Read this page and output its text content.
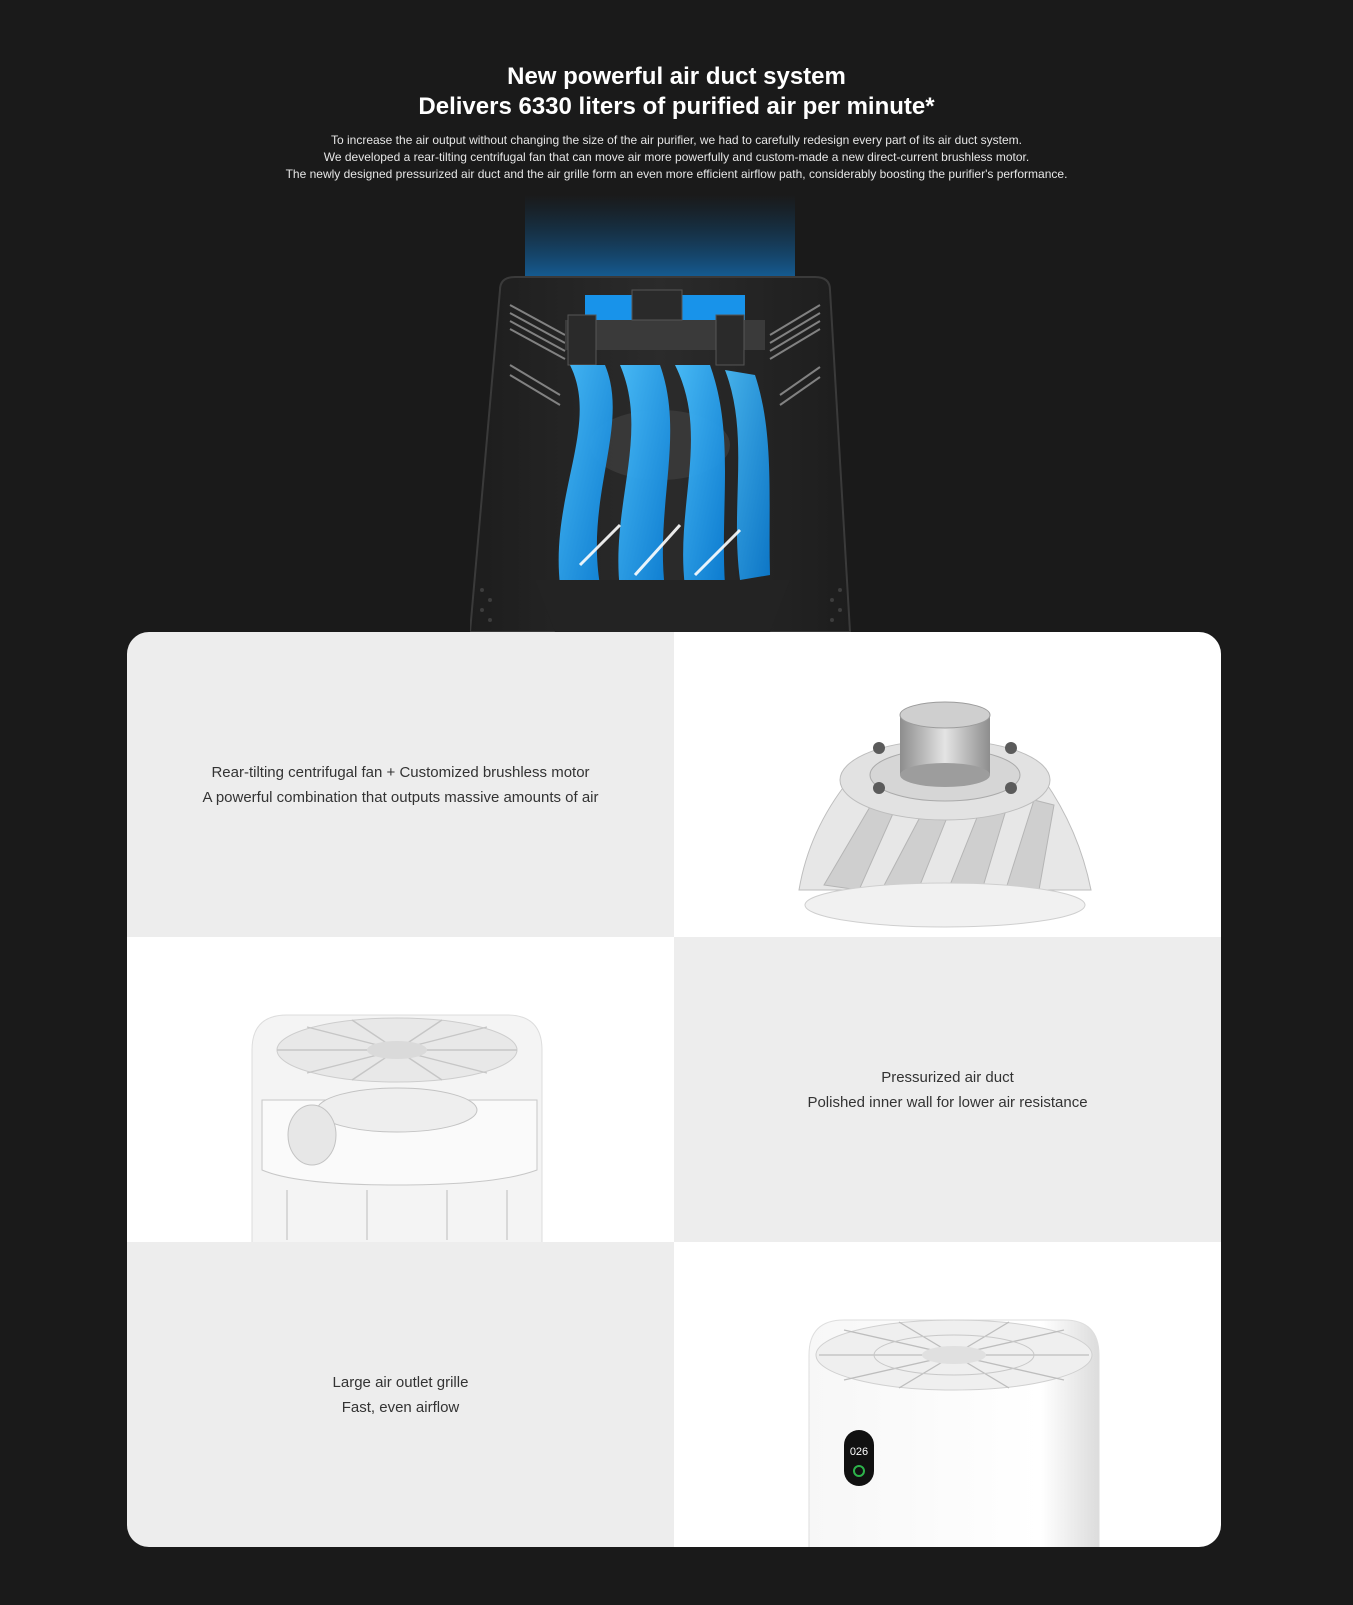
New powerful air duct system
Delivers 6330 liters of purified air per minute*

To increase the air output without changing the size of the air purifier, we had to carefully redesign every part of its air duct system.

We developed a rear-tilting centrifugal fan that can move air more powerfully and custom-made a new direct-current brushless motor.

The newly designed pressurized air duct and the air grille form an even more efficient airflow path, considerably boosting the purifier's performance.

Rear-tilting centrifugal fan + Customized brushless motor
A powerful combination that outputs massive amounts of air
Pressurized air duct
Polished inner wall for lower air resistance
Large air outlet grille
Fast, even airflow
026
